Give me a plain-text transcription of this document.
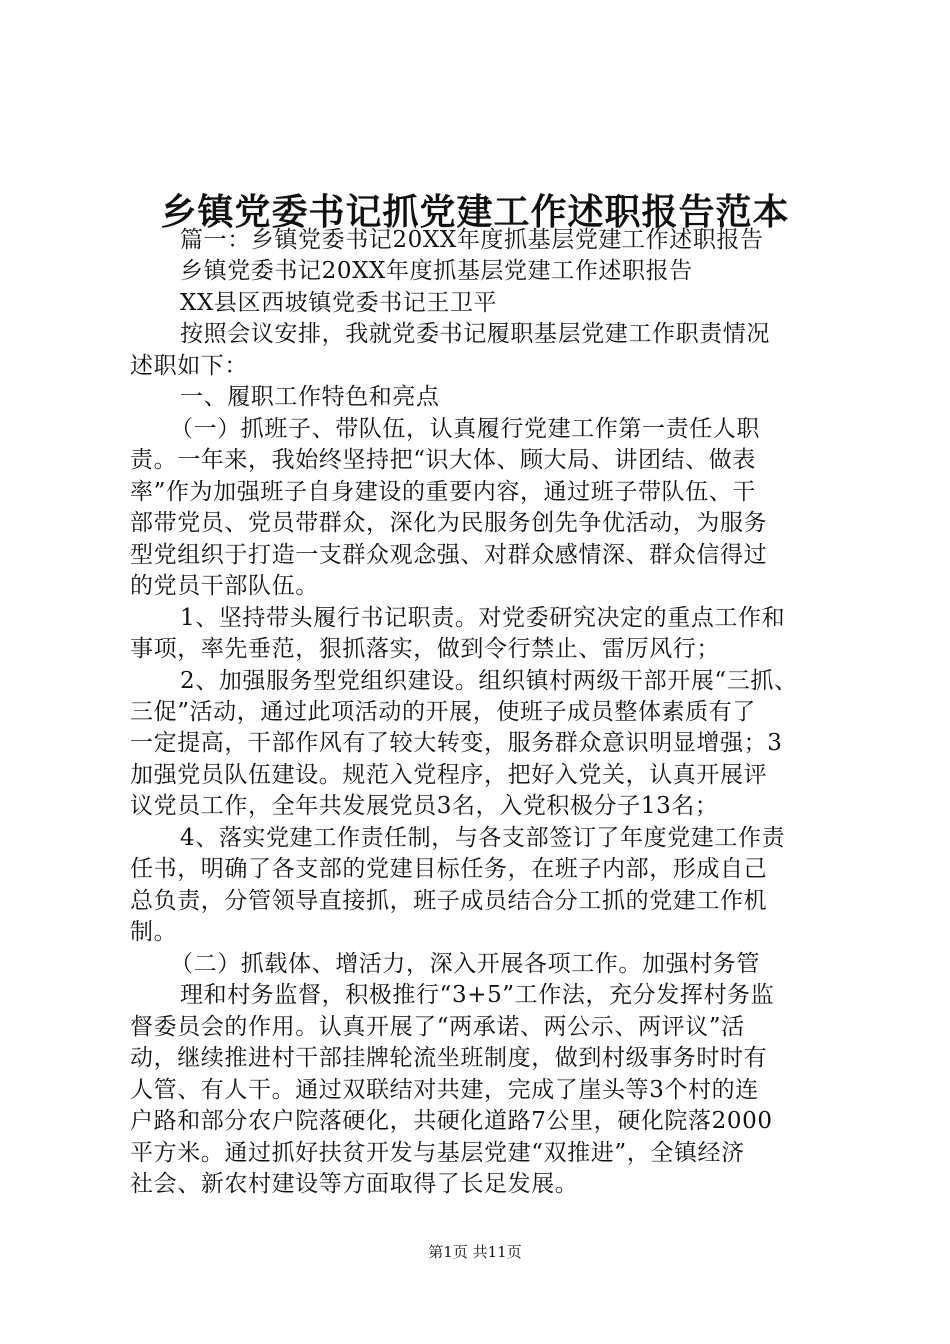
乡镇党委书记抓党建工作述职报告范本
篇一：乡镇党委书记20XX年度抓基层党建工作述职报告
乡镇党委书记20XX年度抓基层党建工作述职报告
XX县区西坡镇党委书记王卫平
按照会议安排，我就党委书记履职基层党建工作职责情况
述职如下：
一、履职工作特色和亮点
（一）抓班子、带队伍，认真履行党建工作第一责任人职
责。一年来，我始终坚持把“识大体、顾大局、讲团结、做表
率”作为加强班子自身建设的重要内容，通过班子带队伍、干
部带党员、党员带群众，深化为民服务创先争优活动，为服务
型党组织于打造一支群众观念强、对群众感情深、群众信得过
的党员干部队伍。
1、坚持带头履行书记职责。对党委研究决定的重点工作和
事项，率先垂范，狠抓落实，做到令行禁止、雷厉风行；
2、加强服务型党组织建设。组织镇村两级干部开展“三抓、
三促”活动，通过此项活动的开展，使班子成员整体素质有了
一定提高，干部作风有了较大转变，服务群众意识明显增强；3
加强党员队伍建设。规范入党程序，把好入党关，认真开展评
议党员工作，全年共发展党员3名，入党积极分子13名；
4、落实党建工作责任制，与各支部签订了年度党建工作责
任书，明确了各支部的党建目标任务，在班子内部，形成自己
总负责，分管领导直接抓，班子成员结合分工抓的党建工作机
制。
（二）抓载体、增活力，深入开展各项工作。加强村务管
理和村务监督，积极推行“3+5”工作法，充分发挥村务监
督委员会的作用。认真开展了“两承诺、两公示、两评议”活
动，继续推进村干部挂牌轮流坐班制度，做到村级事务时时有
人管、有人干。通过双联结对共建，完成了崖头等3个村的连
户路和部分农户院落硬化，共硬化道路7公里，硬化院落2000
平方米。通过抓好扶贫开发与基层党建“双推进”，全镇经济
社会、新农村建设等方面取得了长足发展。
第1页 共11页
